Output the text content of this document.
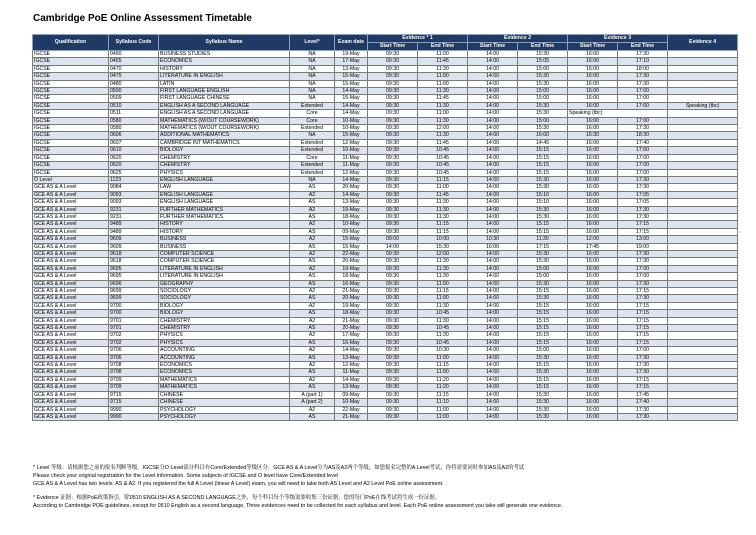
Cambridge PoE Online Assessment Timetable
Qualification	Syllabus Code	Syllabus Name	Level*	Exam date	Evidence * 1		Evidence 2		Evidence 3		Evidence 4
					Start Time	End Time	Start Time	End Time	Start Time	End Time	
IGCSE	0450	BUSINESS STUDIES	NA	19-May	09:30	11:00	14:00	15:30	16:00	17:30	
IGCSE	0455	ECONOMICS	NA	17-May	09:30	11:45	14:00	15:05	16:00	17:10	
IGCSE	0470	HISTORY	NA	13-May	09:30	11:30	14:00	15:00	16:00	18:00	
IGCSE	0475	LITERATURE IN ENGLISH	NA	15-May	09:30	11:00	14:00	15:30	16:00	17:30	
IGCSE	0480	LATIN	NA	15-May	09:30	11:00	14:00	15:30	16:00	17:30	
IGCSE	0500	FIRST LANGUAGE ENGLISH	NA	14-May	09:30	11:30	14:00	15:00	16:00	17:00	
IGCSE	0509	FIRST LANGUAGE CHINESE	NA	15-May	09:30	11:45	14:00	15:00	16:00	17:00	
IGCSE	0510	ENGLISH AS A SECOND LANGUAGE	Extended	14-May	09:30	11:30	14:00	15:30	16:00	17:00	Speaking (tbc)
IGCSE	0511	ENGLISH AS A SECOND LANGUAGE	Core	14-May	09:30	11:00	14:00	15:30	Speaking (tbc)		
IGCSE	0580	MATHEMATICS (W/OUT COURSEWORK)	Core	10-May	09:30	11:30	14:00	15:00	16:00	17:00	
IGCSE	0580	MATHEMATICS (W/OUT COURSEWORK)	Extended	10-May	09:30	12:00	14:00	15:30	16:00	17:30	
IGCSE	0606	ADDITIONAL MATHEMATICS	NA	15-May	09:30	11:30	14:00	16:00	16:30	18:30	
IGCSE	0607	CAMBRIDGE INT MATHEMATICS	Extended	12-May	09:30	11:45	14:00	14:45	16:00	17:40	
IGCSE	0610	BIOLOGY	Extended	10-May	09:30	10:45	14:00	15:15	16:00	17:00	
IGCSE	0620	CHEMISTRY	Core	11-May	09:30	10:45	14:00	15:15	16:00	17:00	
IGCSE	0620	CHEMISTRY	Extended	11-May	09:30	10:45	14:00	15:15	16:00	17:00	
IGCSE	0625	PHYSICS	Extended	12-May	09:30	10:45	14:00	15:15	16:00	17:00	
O Level	1123	ENGLISH LANGUAGE	NA	14-May	09:30	11:15	14:00	15:30	16:00	17:30	
GCE AS & A Level	9084	LAW	AS	20-May	09:30	11:00	14:00	15:30	16:00	17:30	
GCE AS & A Level	9093	ENGLISH LANGUAGE	A2	14-May	09:30	11:45	14:00	15:10	16:00	17:05	
GCE AS & A Level	9093	ENGLISH LANGUAGE	AS	13-May	09:30	11:30	14:00	15:10	16:00	17:05	
GCE AS & A Level	9231	FURTHER MATHEMATICS	A2	19-May	09:30	11:30	14:00	15:30	16:00	17:30	
GCE AS & A Level	9231	FURTHER MATHEMATICS	AS	18-May	09:30	11:30	14:00	15:30	16:00	17:30	
GCE AS & A Level	9489	HISTORY	A2	10-May	09:30	11:15	14:00	15:15	16:00	17:15	
GCE AS & A Level	9489	HISTORY	AS	09-May	09:30	11:15	14:00	15:15	16:00	17:15	
GCE AS & A Level	9609	BUSINESS	A2	15-May	09:00	10:00	10:30	11:30	12:00	13:00	
GCE AS & A Level	9609	BUSINESS	AS	15-May	14:00	15:30	16:00	17:15	17:45	19:00	
GCE AS & A Level	9618	COMPUTER SCIENCE	A2	22-May	09:30	12:00	14:00	15:30	16:00	17:30	
GCE AS & A Level	9618	COMPUTER SCIENCE	AS	20-May	09:30	11:30	14:00	15:30	16:00	17:30	
GCE AS & A Level	9695	LITERATURE IN ENGLISH	A2	19-May	09:30	11:30	14:00	15:00	16:00	17:00	
GCE AS & A Level	9695	LITERATURE IN ENGLISH	AS	18-May	09:30	11:30	14:00	15:00	16:00	17:00	
GCE AS & A Level	9696	GEOGRAPHY	AS	16-May	09:30	11:00	14:00	15:30	16:00	17:30	
GCE AS & A Level	9699	SOCIOLOGY	A2	21-May	09:30	11:15	14:00	15:15	16:00	17:15	
GCE AS & A Level	9699	SOCIOLOGY	AS	20-May	09:30	11:00	14:00	15:30	16:00	17:30	
GCE AS & A Level	9700	BIOLOGY	A2	19-May	09:30	11:30	14:00	15:15	16:00	17:15	
GCE AS & A Level	9700	BIOLOGY	AS	18-May	09:30	10:45	14:00	15:15	16:00	17:15	
GCE AS & A Level	9701	CHEMISTRY	A2	21-May	09:30	11:30	14:00	15:15	16:00	17:15	
GCE AS & A Level	9701	CHEMISTRY	AS	20-May	09:30	10:45	14:00	15:15	16:00	17:15	
GCE AS & A Level	9702	PHYSICS	A2	17-May	09:30	11:30	14:00	15:15	16:00	17:15	
GCE AS & A Level	9702	PHYSICS	AS	16-May	09:30	10:45	14:00	15:15	16:00	17:15	
GCE AS & A Level	9706	ACCOUNTING	A2	14-May	09:30	10:30	14:00	15:00	16:00	17:00	
GCE AS & A Level	9706	ACCOUNTING	AS	13-May	09:30	11:00	14:00	15:30	16:00	17:30	
GCE AS & A Level	9708	ECONOMICS	A2	12-May	09:30	11:15	14:00	15:15	16:00	17:30	
GCE AS & A Level	9708	ECONOMICS	AS	11-May	09:30	11:00	14:00	15:30	16:00	17:30	
GCE AS & A Level	9709	MATHEMATICS	A2	14-May	09:30	11:20	14:00	15:15	16:00	17:15	
GCE AS & A Level	9709	MATHEMATICS	AS	13-May	09:30	11:20	14:00	15:15	16:00	17:15	
GCE AS & A Level	9715	CHINESE	A (part 1)	09-May	09:30	11:15	14:00	15:30	16:00	17:45	
GCE AS & A Level	9715	CHINESE	A (part 2)	10-May	09:30	11:10	14:00	15:30	16:00	17:40	
GCE AS & A Level	9990	PSYCHOLOGY	A2	22-May	09:30	11:00	14:00	15:30	16:00	17:30	
GCE AS & A Level	9990	PSYCHOLOGY	AS	21-May	09:30	11:00	14:00	15:30	16:00	17:30	

* Level 等级：请根据您之前的报名判断等级。IGCSE分O Level部分科目有Core/Extended等级区分。GCE AS & A Level分为AS及A2两个等级，如您报名完整的A Level考试，你将需要同时参加AS及A2的考试

Please check your original registration for the Level information. Some subjects of IGCSE and O level have Core/Extended level

GCE AS & A Level has two levels: AS & A2. If you registered the full A Level (linear A Level) exam, you will need to take both AS Level and A2 Level PoE online assessment.

* Evidence 证据：根据PoE政策指引，除0510 ENGLISH AS A SECOND LANGUAGE之外，每个科目每个等级需要收集三份证据，您的每门PoE在线考试将生成一份证据。

According to Cambridge POE guidelines, except for 0510 English as a second language, Three evidences need to be collected for each syllabus and level. Each PoE online assessment you take will generate one evidence.
